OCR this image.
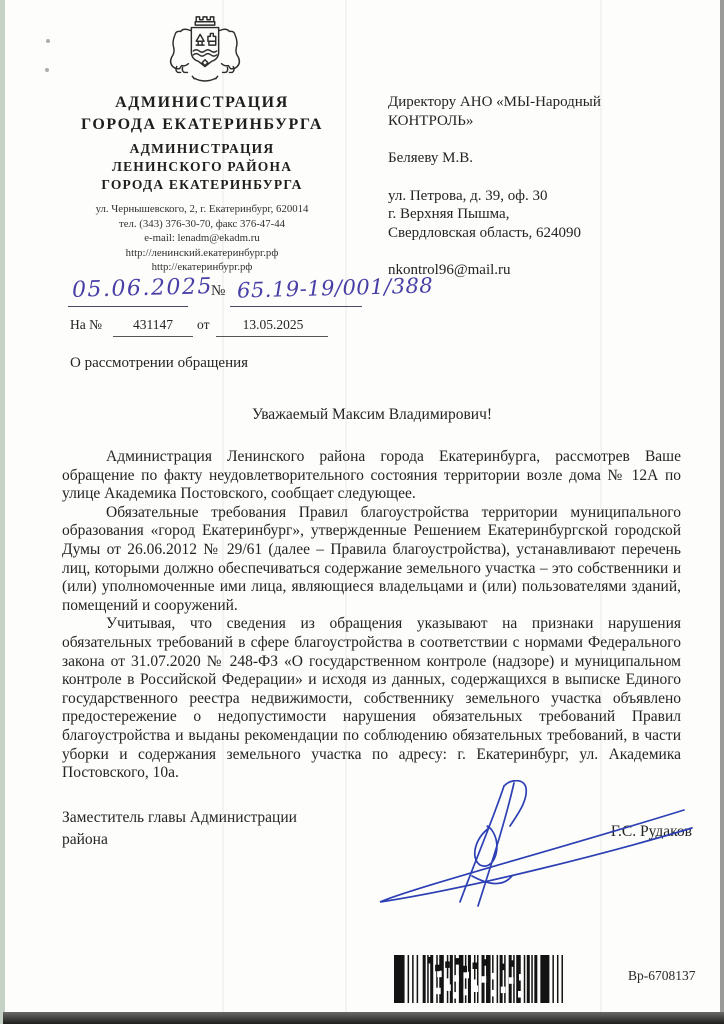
АДМИНИСТРАЦИЯ
ГОРОДА ЕКАТЕРИНБУРГА
АДМИНИСТРАЦИЯ
ЛЕНИНСКОГО РАЙОНА
ГОРОДА ЕКАТЕРИНБУРГА
ул. Чернышевского, 2, г. Екатеринбург, 620014
тел. (343) 376-30-70, факс 376-47-44
e-mail: lenadm@ekadm.ru
http://ленинский.екатеринбург.рф
http://екатеринбург.рф
05.06.2025
№ 65.19-19/001/388
На №	431147	от	13.05.2025
О рассмотрении обращения
Директору АНО «МЫ-Народный
КОНТРОЛЬ»
Беляеву М.В.
ул. Петрова, д. 39, оф. 30
г. Верхняя Пышма,
Свердловская область, 624090
nkontrol96@mail.ru
Уважаемый Максим Владимирович!

Администрация Ленинского района города Екатеринбурга, рассмотрев Ваше обращение по факту неудовлетворительного состояния территории возле дома № 12А по улице Академика Постовского, сообщает следующее.

Обязательные требования Правил благоустройства территории муниципального образования «город Екатеринбург», утвержденные Решением Екатеринбургской городской Думы от 26.06.2012 № 29/61 (далее – Правила благоустройства), устанавливают перечень лиц, которыми должно обеспечиваться содержание земельного участка – это собственники и (или) уполномоченные ими лица, являющиеся владельцами и (или) пользователями зданий, помещений и сооружений.

Учитывая, что сведения из обращения указывают на признаки нарушения обязательных требований в сфере благоустройства в соответствии с нормами Федерального закона от 31.07.2020 № 248-ФЗ «О государственном контроле (надзоре) и муниципальном контроле в Российской Федерации» и исходя из данных, содержащихся в выписке Единого государственного реестра недвижимости, собственнику земельного участка объявлено предостережение о недопустимости нарушения обязательных требований Правил благоустройства и выданы рекомендации по соблюдению обязательных требований, в части уборки и содержания земельного участка по адресу: г. Екатеринбург, ул. Академика Постовского, 10а.

Заместитель главы Администрации
района	Г.С. Рудаков
Вр-6708137
